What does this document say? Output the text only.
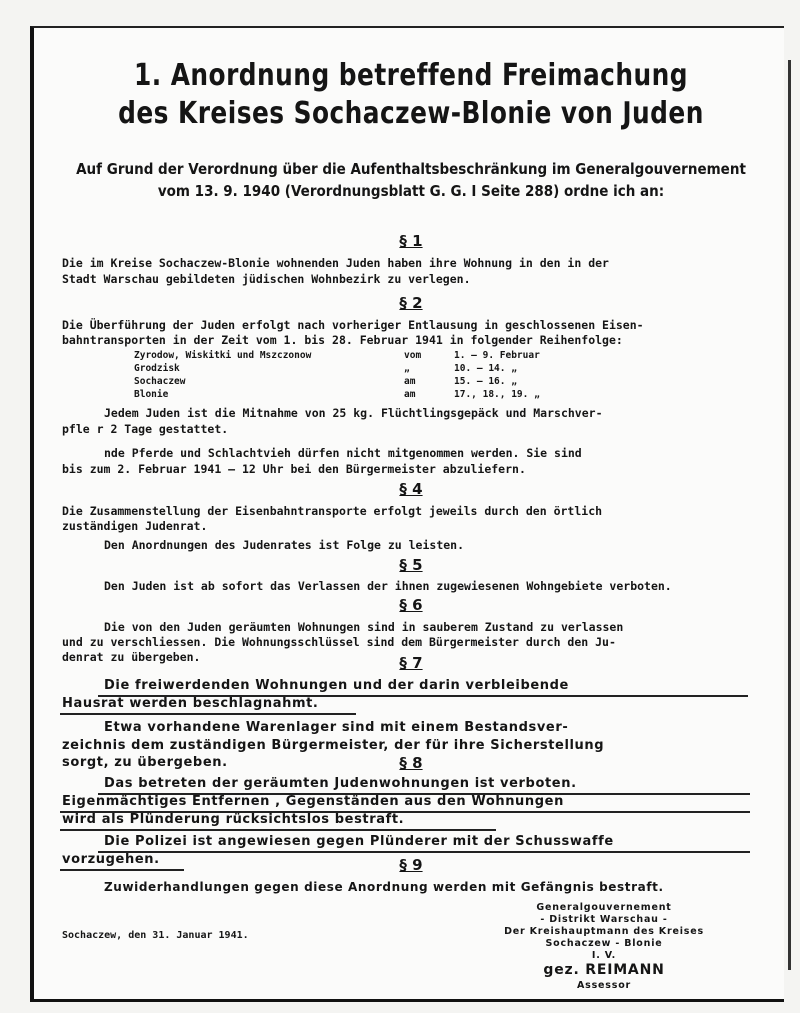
1. Anordnung betreffend Freimachung
des Kreises Sochaczew-Blonie von Juden
Auf Grund der Verordnung über die Aufenthaltsbeschränkung im Generalgouvernement
vom 13. 9. 1940 (Verordnungsblatt G. G. I Seite 288) ordne ich an:
§ 1
Die im Kreise Sochaczew-Blonie wohnenden Juden haben ihre Wohnung in den in der
Stadt Warschau gebildeten jüdischen Wohnbezirk zu verlegen.
§ 2
Die Überführung der Juden erfolgt nach vorheriger Entlausung in geschlossenen Eisen-
bahntransporten in der Zeit vom 1. bis 28. Februar 1941 in folgender Reihenfolge:
Zyrodow, Wiskitki und Mszczonow	vom	1. — 9. Februar
Grodzisk	„	10. — 14. „
Sochaczew	am	15. — 16. „
Blonie	am	17., 18., 19. „
Jedem Juden ist die Mitnahme von 25 kg. Flüchtlingsgepäck und Marschver-
pfle r 2 Tage gestattet.
nde Pferde und Schlachtvieh dürfen nicht mitgenommen werden. Sie sind
bis zum 2. Februar 1941 — 12 Uhr bei den Bürgermeister abzuliefern.
§ 4
Die Zusammenstellung der Eisenbahntransporte erfolgt jeweils durch den örtlich
zuständigen Judenrat.
Den Anordnungen des Judenrates ist Folge zu leisten.
§ 5
Den Juden ist ab sofort das Verlassen der ihnen zugewiesenen Wohngebiete verboten.
§ 6
Die von den Juden geräumten Wohnungen sind in sauberem Zustand zu verlassen
und zu verschliessen. Die Wohnungsschlüssel sind dem Bürgermeister durch den Ju-
denrat zu übergeben.	§ 7
Die freiwerdenden Wohnungen und der darin verbleibende
Hausrat werden beschlagnahmt.
Etwa vorhandene Warenlager sind mit einem Bestandsver-
zeichnis dem zuständigen Bürgermeister, der für ihre Sicherstellung
sorgt, zu übergeben.	§ 8
Das betreten der geräumten Judenwohnungen ist verboten.
Eigenmächtiges Entfernen , Gegenständen aus den Wohnungen
wird als Plünderung rücksichtslos bestraft.
Die Polizei ist angewiesen gegen Plünderer mit der Schusswaffe
vorzugehen.	§ 9
Zuwiderhandlungen gegen diese Anordnung werden mit Gefängnis bestraft.
Sochaczew, den 31. Januar 1941.
Generalgouvernement
- Distrikt Warschau -
Der Kreishauptmann des Kreises
Sochaczew - Blonie
I. V.
gez. REIMANN
Assessor
